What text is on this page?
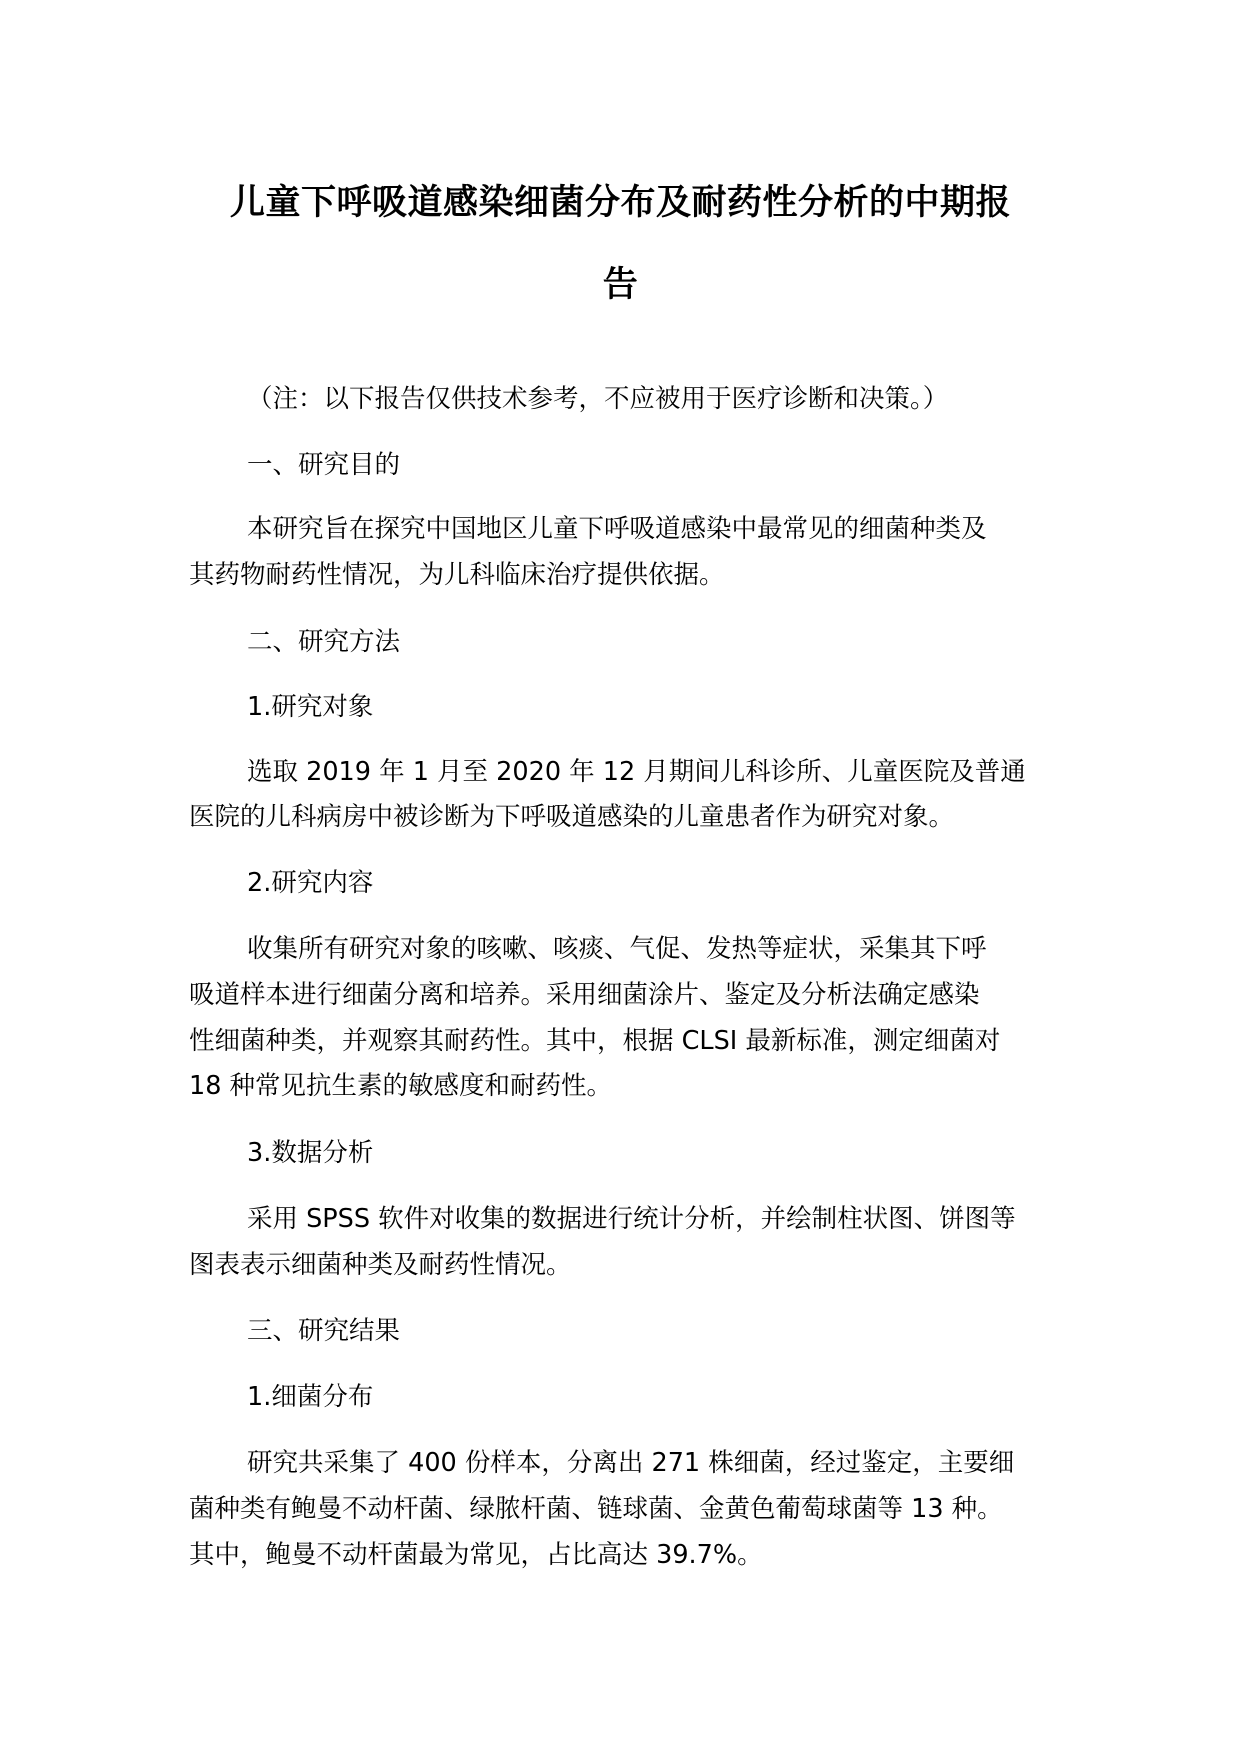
儿童下呼吸道感染细菌分布及耐药性分析的中期报
告

（注：以下报告仅供技术参考，不应被用于医疗诊断和决策。）

一、研究目的

本研究旨在探究中国地区儿童下呼吸道感染中最常见的细菌种类及

其药物耐药性情况，为儿科临床治疗提供依据。

二、研究方法

1.研究对象

选取 2019 年 1 月至 2020 年 12 月期间儿科诊所、儿童医院及普通

医院的儿科病房中被诊断为下呼吸道感染的儿童患者作为研究对象。

2.研究内容

收集所有研究对象的咳嗽、咳痰、气促、发热等症状，采集其下呼

吸道样本进行细菌分离和培养。采用细菌涂片、鉴定及分析法确定感染

性细菌种类，并观察其耐药性。其中，根据 CLSI 最新标准，测定细菌对

18 种常见抗生素的敏感度和耐药性。

3.数据分析

采用 SPSS 软件对收集的数据进行统计分析，并绘制柱状图、饼图等

图表表示细菌种类及耐药性情况。

三、研究结果

1.细菌分布

研究共采集了 400 份样本，分离出 271 株细菌，经过鉴定，主要细

菌种类有鲍曼不动杆菌、绿脓杆菌、链球菌、金黄色葡萄球菌等 13 种。

其中，鲍曼不动杆菌最为常见，占比高达 39.7%。
